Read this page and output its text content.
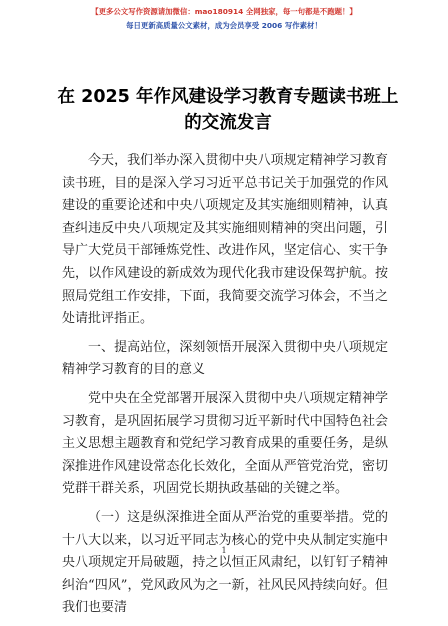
【更多公文写作资源请加微信：mao180914 全网独家，每一句都是不跑题！】
每日更新高质量公文素材，成为会员享受 2006 写作素材！
在 2025 年作风建设学习教育专题读书班上的交流发言

今天，我们举办深入贯彻中央八项规定精神学习教育读书班，目的是深入学习习近平总书记关于加强党的作风建设的重要论述和中央八项规定及其实施细则精神，认真查纠违反中央八项规定及其实施细则精神的突出问题，引导广大党员干部锤炼党性、改进作风，坚定信心、实干争先，以作风建设的新成效为现代化我市建设保驾护航。按照局党组工作安排，下面，我简要交流学习体会，不当之处请批评指正。

一、提高站位，深刻领悟开展深入贯彻中央八项规定精神学习教育的目的意义

党中央在全党部署开展深入贯彻中央八项规定精神学习教育，是巩固拓展学习贯彻习近平新时代中国特色社会主义思想主题教育和党纪学习教育成果的重要任务，是纵深推进作风建设常态化长效化，全面从严管党治党，密切党群干群关系，巩固党长期执政基础的关键之举。

（一）这是纵深推进全面从严治党的重要举措。党的十八大以来，以习近平同志为核心的党中央从制定实施中央八项规定开局破题，持之以恒正风肃纪，以钉钉子精神纠治“四风”，党风政风为之一新，社风民风持续向好。但我们也要清

1
